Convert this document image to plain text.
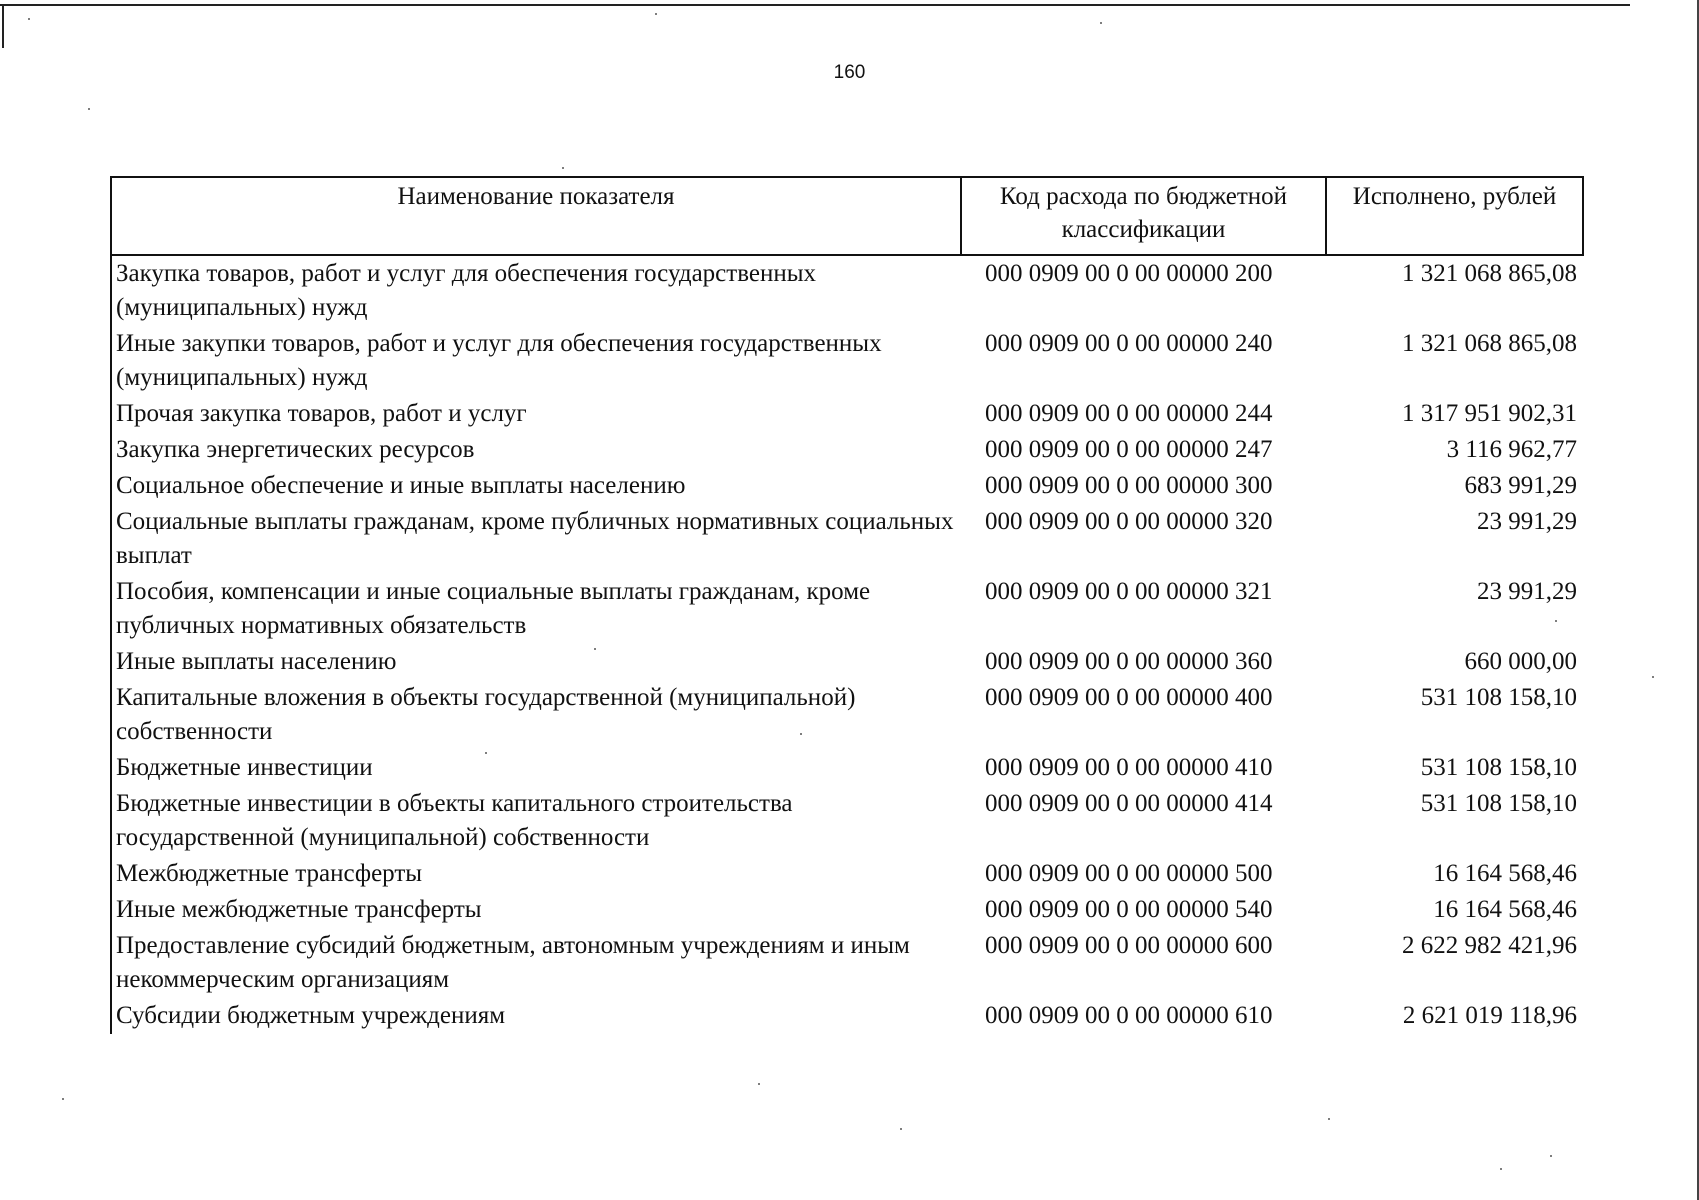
160
Наименование показателя	Код расхода по бюджетной классификации	Исполнено, рублей
Закупка товаров, работ и услуг для обеспечения государственных (муниципальных) нужд	000 0909 00 0 00 00000 200	1 321 068 865,08
Иные закупки товаров, работ и услуг для обеспечения государственных (муниципальных) нужд	000 0909 00 0 00 00000 240	1 321 068 865,08
Прочая закупка товаров, работ и услуг	000 0909 00 0 00 00000 244	1 317 951 902,31
Закупка энергетических ресурсов	000 0909 00 0 00 00000 247	3 116 962,77
Социальное обеспечение и иные выплаты населению	000 0909 00 0 00 00000 300	683 991,29
Социальные выплаты гражданам, кроме публичных нормативных социальных выплат	000 0909 00 0 00 00000 320	23 991,29
Пособия, компенсации и иные социальные выплаты гражданам, кроме публичных нормативных обязательств	000 0909 00 0 00 00000 321	23 991,29
Иные выплаты населению	000 0909 00 0 00 00000 360	660 000,00
Капитальные вложения в объекты государственной (муниципальной) собственности	000 0909 00 0 00 00000 400	531 108 158,10
Бюджетные инвестиции	000 0909 00 0 00 00000 410	531 108 158,10
Бюджетные инвестиции в объекты капитального строительства государственной (муниципальной) собственности	000 0909 00 0 00 00000 414	531 108 158,10
Межбюджетные трансферты	000 0909 00 0 00 00000 500	16 164 568,46
Иные межбюджетные трансферты	000 0909 00 0 00 00000 540	16 164 568,46
Предоставление субсидий бюджетным, автономным учреждениям и иным некоммерческим организациям	000 0909 00 0 00 00000 600	2 622 982 421,96
Субсидии бюджетным учреждениям	000 0909 00 0 00 00000 610	2 621 019 118,96
